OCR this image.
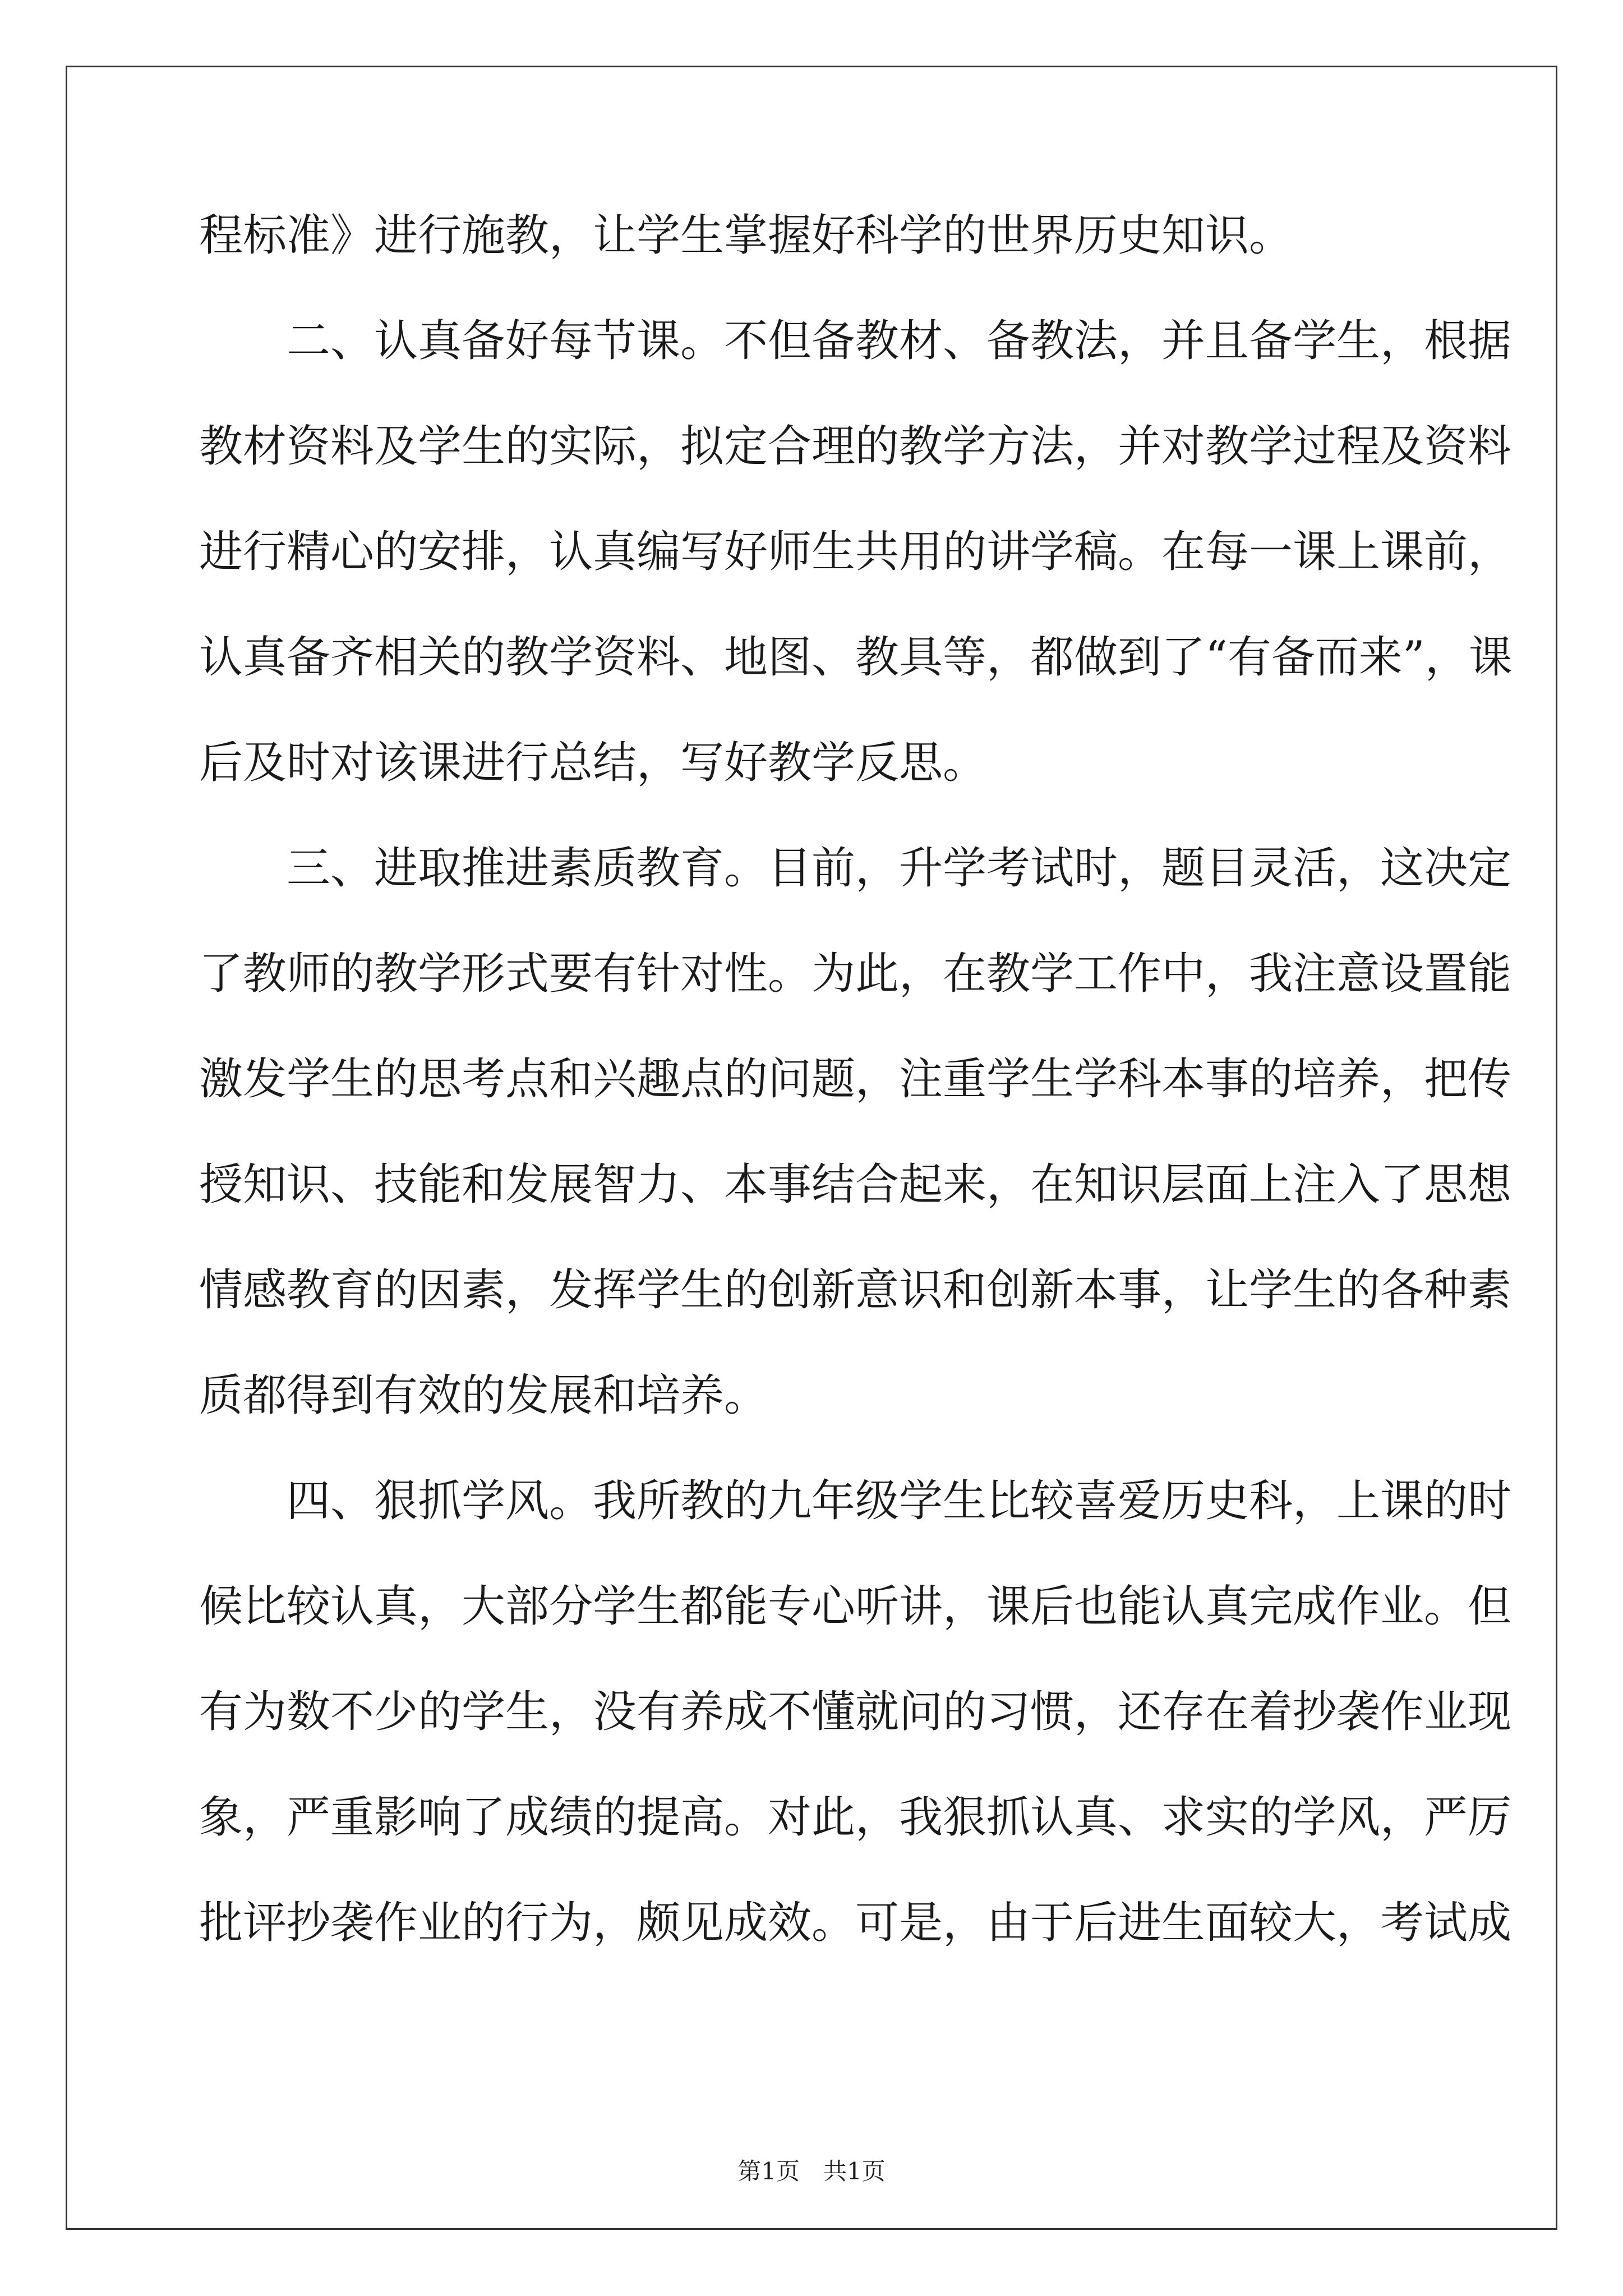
程标准》进行施教，让学生掌握好科学的世界历史知识。
二、认真备好每节课。不但备教材、备教法，并且备学生，根据
教材资料及学生的实际，拟定合理的教学方法，并对教学过程及资料
进行精心的安排，认真编写好师生共用的讲学稿。在每一课上课前，
认真备齐相关的教学资料、地图、教具等，都做到了“有备而来”，课
后及时对该课进行总结，写好教学反思。
三、进取推进素质教育。目前，升学考试时，题目灵活，这决定
了教师的教学形式要有针对性。为此，在教学工作中，我注意设置能
激发学生的思考点和兴趣点的问题，注重学生学科本事的培养，把传
授知识、技能和发展智力、本事结合起来，在知识层面上注入了思想
情感教育的因素，发挥学生的创新意识和创新本事，让学生的各种素
质都得到有效的发展和培养。
四、狠抓学风。我所教的九年级学生比较喜爱历史科，上课的时
候比较认真，大部分学生都能专心听讲，课后也能认真完成作业。但
有为数不少的学生，没有养成不懂就问的习惯，还存在着抄袭作业现
象，严重影响了成绩的提高。对此，我狠抓认真、求实的学风，严厉
批评抄袭作业的行为，颇见成效。可是，由于后进生面较大，考试成
第1页　共1页
